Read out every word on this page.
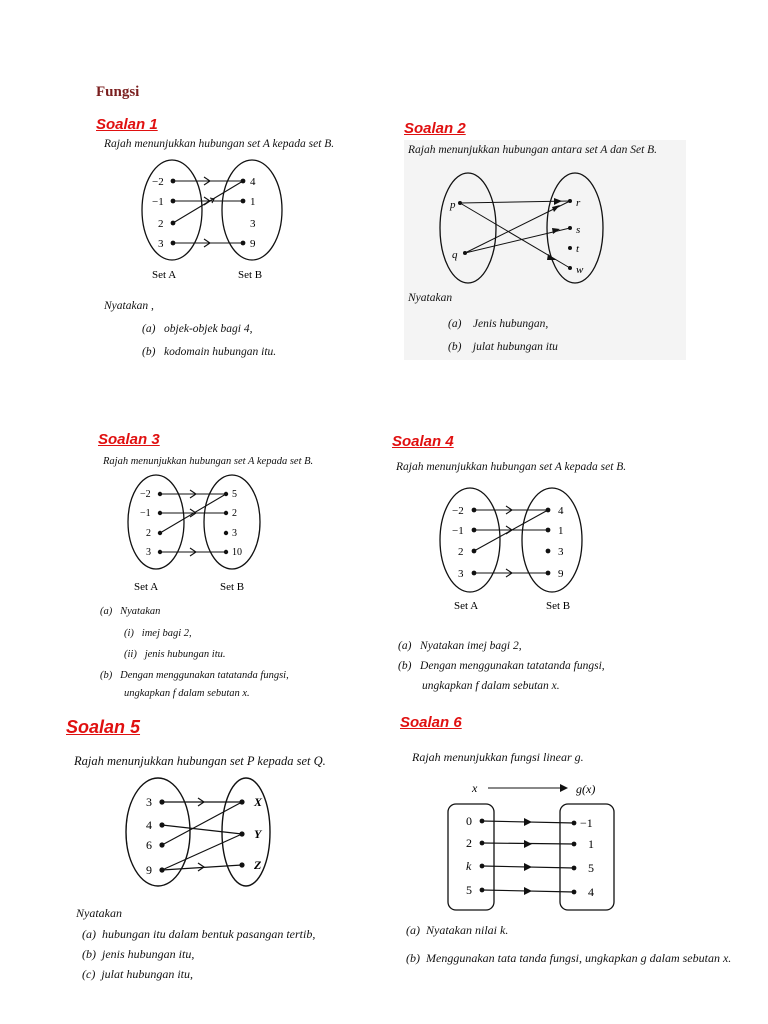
Fungsi
Soalan 1
Rajah menunjukkan hubungan set A kepada set B.
−2
−1
2
3
4
1
3
9
Set A	Set B
Nyatakan ,
(a) objek-objek bagi 4,
(b) kodomain hubungan itu.
Soalan 2
Rajah menunjukkan hubungan antara set A dan Set B.
p
q
r
s
t
w
Nyatakan
(a) Jenis hubungan,
(b) julat hubungan itu
Soalan 3
Rajah menunjukkan hubungan set A kepada set B.
−2
−1
2
3
5
2
3
10
Set A	Set B
(a) Nyatakan
(i) imej bagi 2,
(ii) jenis hubungan itu.
(b) Dengan menggunakan tatatanda fungsi,
ungkapkan f dalam sebutan x.
Soalan 4
Rajah menunjukkan hubungan set A kepada set B.
−2
−1
2
3
4
1
3
9
Set A	Set B
(a) Nyatakan imej bagi 2,
(b) Dengan menggunakan tatatanda fungsi,
ungkapkan f dalam sebutan x.
Soalan 5
Rajah menunjukkan hubungan set P kepada set Q.
3
4
6
9
X
Y
Z
Nyatakan
(a) hubungan itu dalam bentuk pasangan tertib,
(b) jenis hubungan itu,
(c) julat hubungan itu,
Soalan 6
Rajah menunjukkan fungsi linear g.
x	g(x)
0
2
k
5
−1
1
5
4
(a) Nyatakan nilai k.
(b) Menggunakan tata tanda fungsi, ungkapkan g dalam sebutan x.
